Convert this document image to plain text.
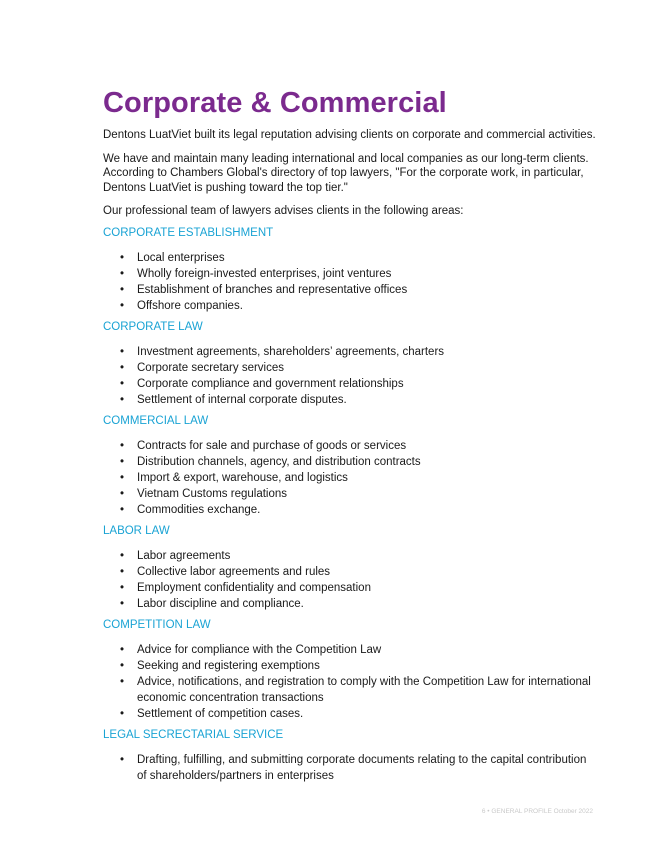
Corporate & Commercial

Dentons LuatViet built its legal reputation advising clients on corporate and commercial activities.

We have and maintain many leading international and local companies as our long-term clients. According to Chambers Global's directory of top lawyers, "For the corporate work, in particular, Dentons LuatViet is pushing toward the top tier."

Our professional team of lawyers advises clients in the following areas:

CORPORATE ESTABLISHMENT
• Local enterprises
• Wholly foreign-invested enterprises, joint ventures
• Establishment of branches and representative offices
• Offshore companies.
CORPORATE LAW
• Investment agreements, shareholders’ agreements, charters
• Corporate secretary services
• Corporate compliance and government relationships
• Settlement of internal corporate disputes.
COMMERCIAL LAW
• Contracts for sale and purchase of goods or services
• Distribution channels, agency, and distribution contracts
• Import & export, warehouse, and logistics
• Vietnam Customs regulations
• Commodities exchange.
LABOR LAW
• Labor agreements
• Collective labor agreements and rules
• Employment confidentiality and compensation
• Labor discipline and compliance.
COMPETITION LAW
• Advice for compliance with the Competition Law
• Seeking and registering exemptions
• Advice, notifications, and registration to comply with the Competition Law for international economic concentration transactions
• Settlement of competition cases.
LEGAL SECRECTARIAL SERVICE
• Drafting, fulfilling, and submitting corporate documents relating to the capital contribution of shareholders/partners in enterprises
6 • GENERAL PROFILE October 2022
